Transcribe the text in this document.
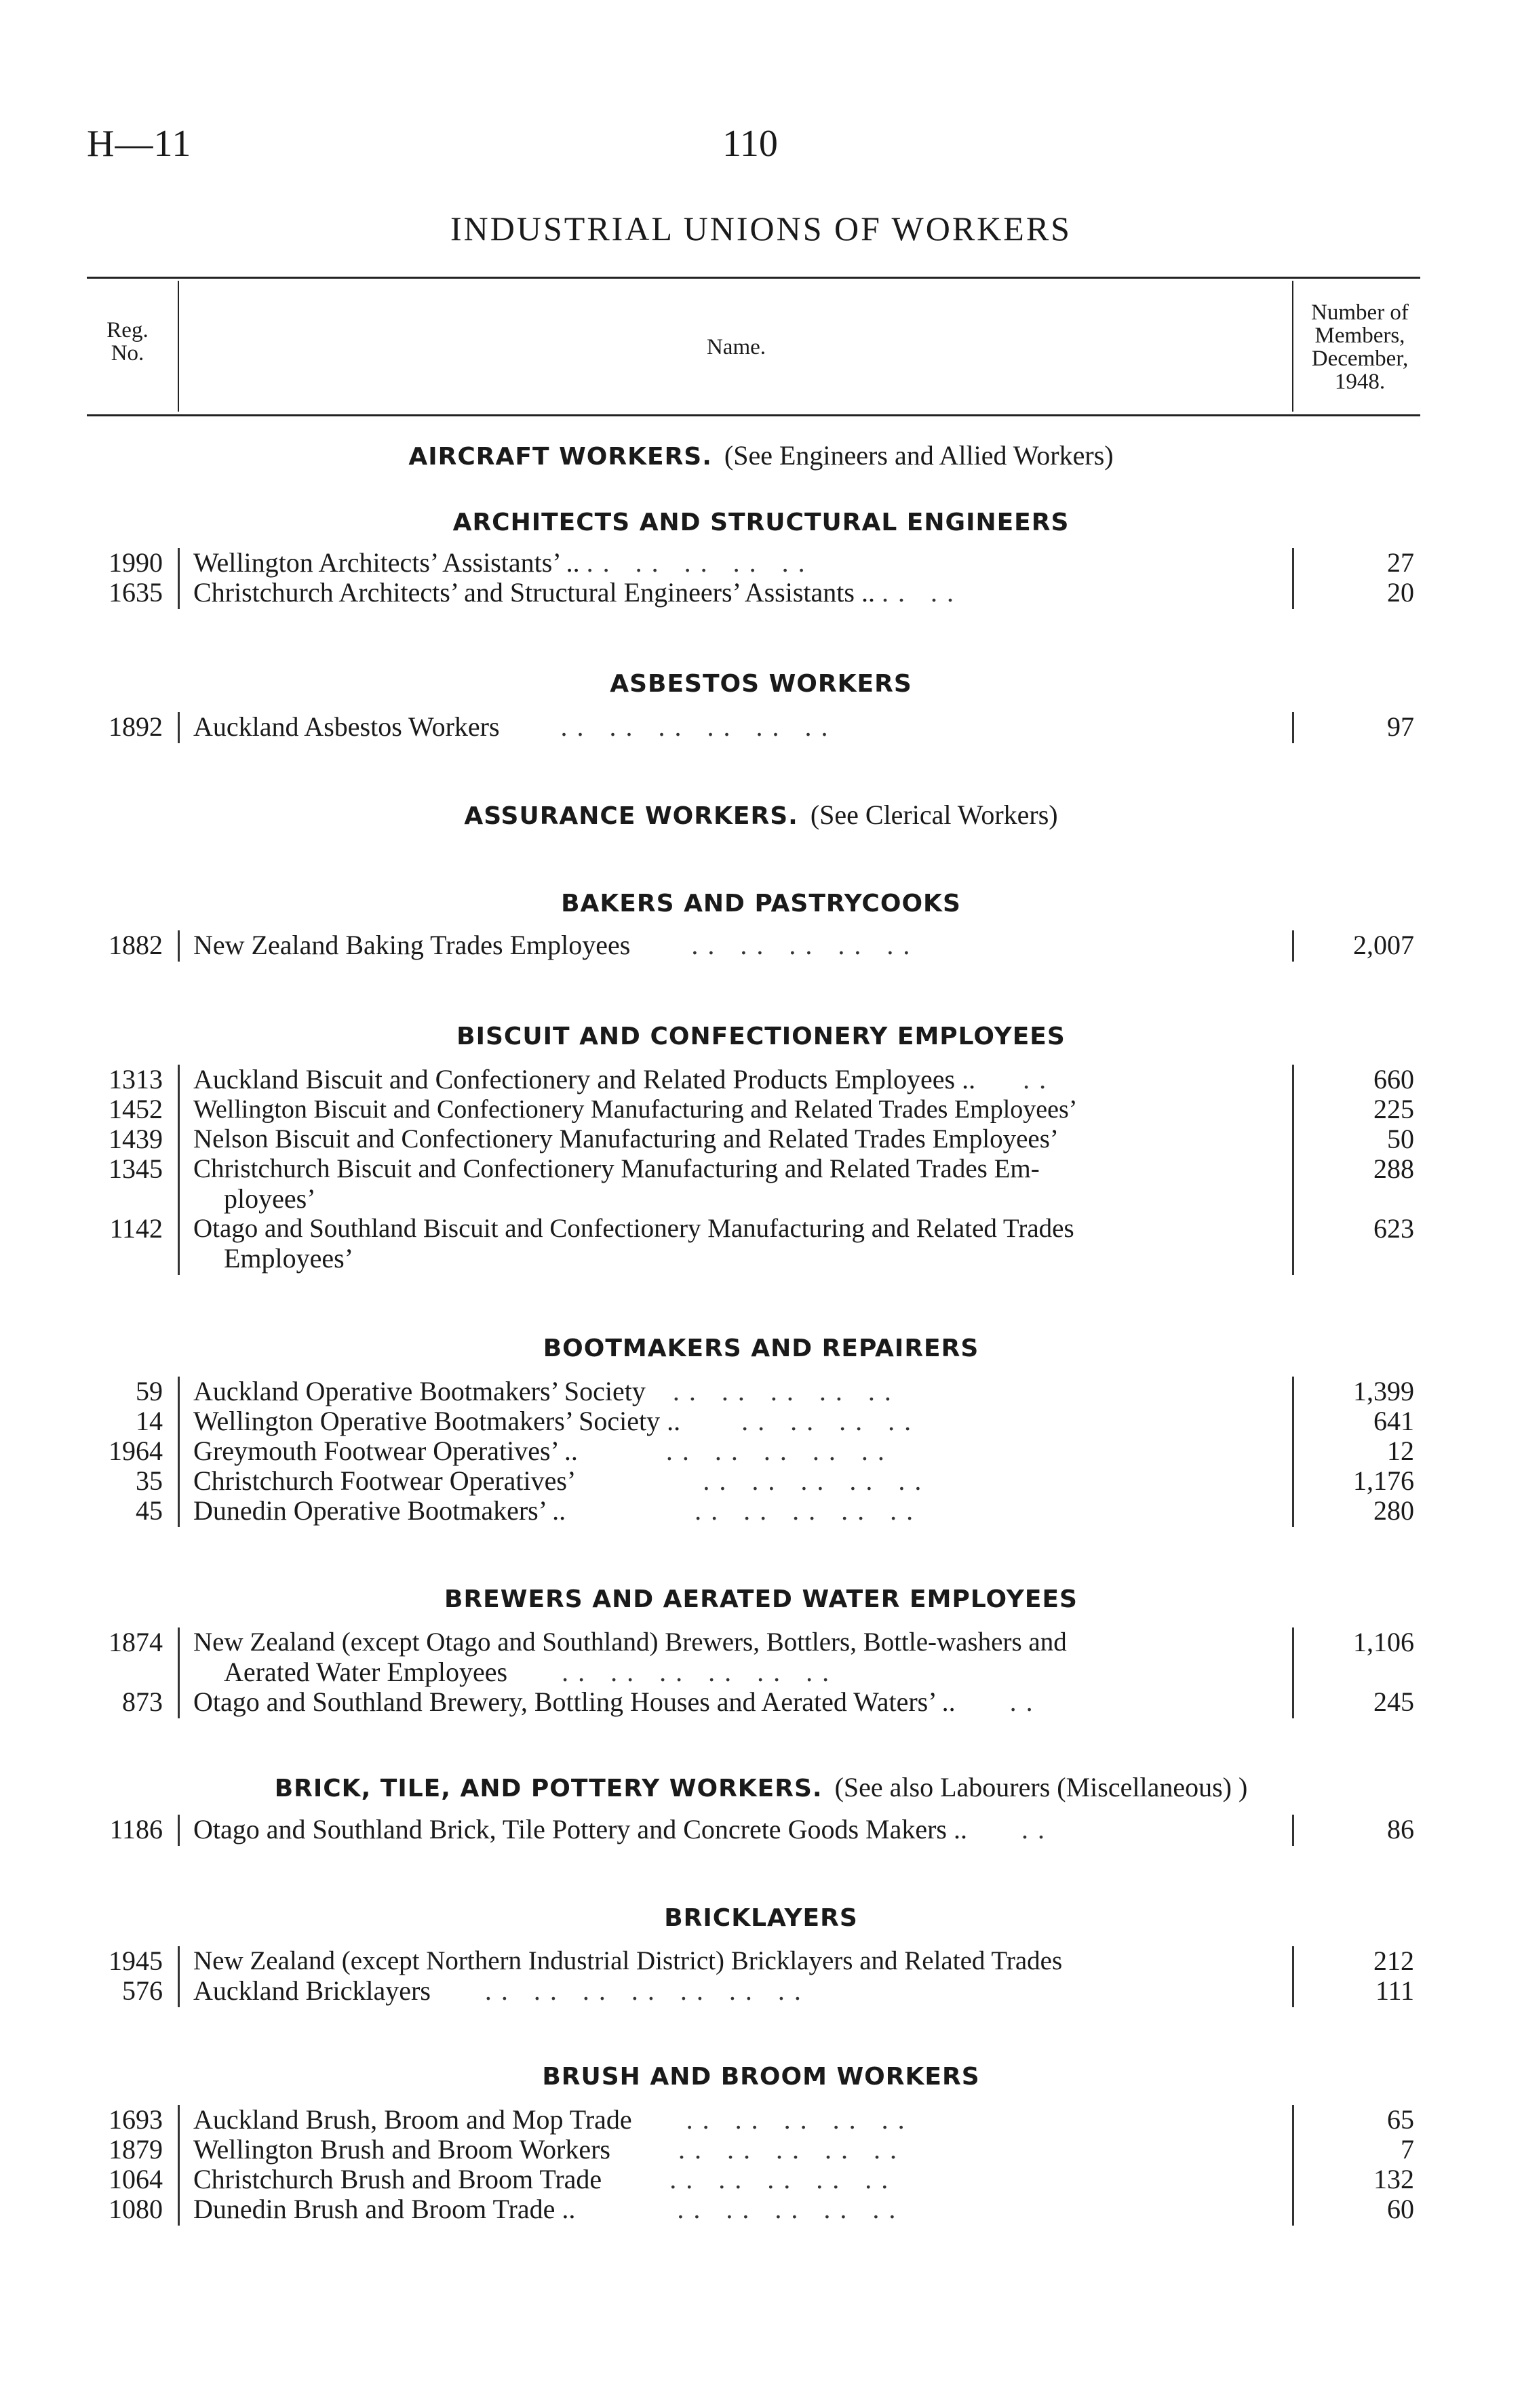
H—11	110
INDUSTRIAL UNIONS OF WORKERS
Reg. No.	Name.
Number of
Members,
December,
1948.
AIRCRAFT WORKERS. (See Engineers and Allied Workers)
ARCHITECTS AND STRUCTURAL ENGINEERS
1990 Wellington Architects’ Assistants’ .. .. .. .. .. ..	27
1635 Christchurch Architects’ and Structural Engineers’ Assistants .. .. ..	20
ASBESTOS WORKERS
1892 Auckland Asbestos Workers .. .. .. .. .. ..	97
ASSURANCE WORKERS. (See Clerical Workers)
BAKERS AND PASTRYCOOKS
1882 New Zealand Baking Trades Employees .. .. .. .. ..	2,007
BISCUIT AND CONFECTIONERY EMPLOYEES
1313 Auckland Biscuit and Confectionery and Related Products Employees .. ..	660
1452 Wellington Biscuit and Confectionery Manufacturing and Related Trades Employees’	225
1439 Nelson Biscuit and Confectionery Manufacturing and Related Trades Employees’	50
1345 Christchurch Biscuit and Confectionery Manufacturing and Related Trades Em-	288
ployees’
1142 Otago and Southland Biscuit and Confectionery Manufacturing and Related Trades	623
Employees’
BOOTMAKERS AND REPAIRERS
59 Auckland Operative Bootmakers’ Society .. .. .. .. ..	1,399
14 Wellington Operative Bootmakers’ Society .. .. .. .. ..	641
1964 Greymouth Footwear Operatives’ ..	.. .. .. .. ..	12
35 Christchurch Footwear Operatives’	.. .. .. .. ..	1,176
45 Dunedin Operative Bootmakers’ ..	.. .. .. .. ..	280
BREWERS AND AERATED WATER EMPLOYEES
1874 New Zealand (except Otago and Southland) Brewers, Bottlers, Bottle-washers and	1,106
Aerated Water Employees .. .. .. .. .. ..
873 Otago and Southland Brewery, Bottling Houses and Aerated Waters’ .. ..	245
BRICK, TILE, AND POTTERY WORKERS. (See also Labourers (Miscellaneous) )
1186 Otago and Southland Brick, Tile Pottery and Concrete Goods Makers .. ..	86
BRICKLAYERS
1945 New Zealand (except Northern Industrial District) Bricklayers and Related Trades	212
576 Auckland Bricklayers .. .. .. .. .. .. ..	111
BRUSH AND BROOM WORKERS
1693 Auckland Brush, Broom and Mop Trade .. .. .. .. ..	65
1879 Wellington Brush and Broom Workers	.. .. .. .. ..	7
1064 Christchurch Brush and Broom Trade	.. .. .. .. ..	132
1080 Dunedin Brush and Broom Trade ..	.. .. .. .. ..	60
